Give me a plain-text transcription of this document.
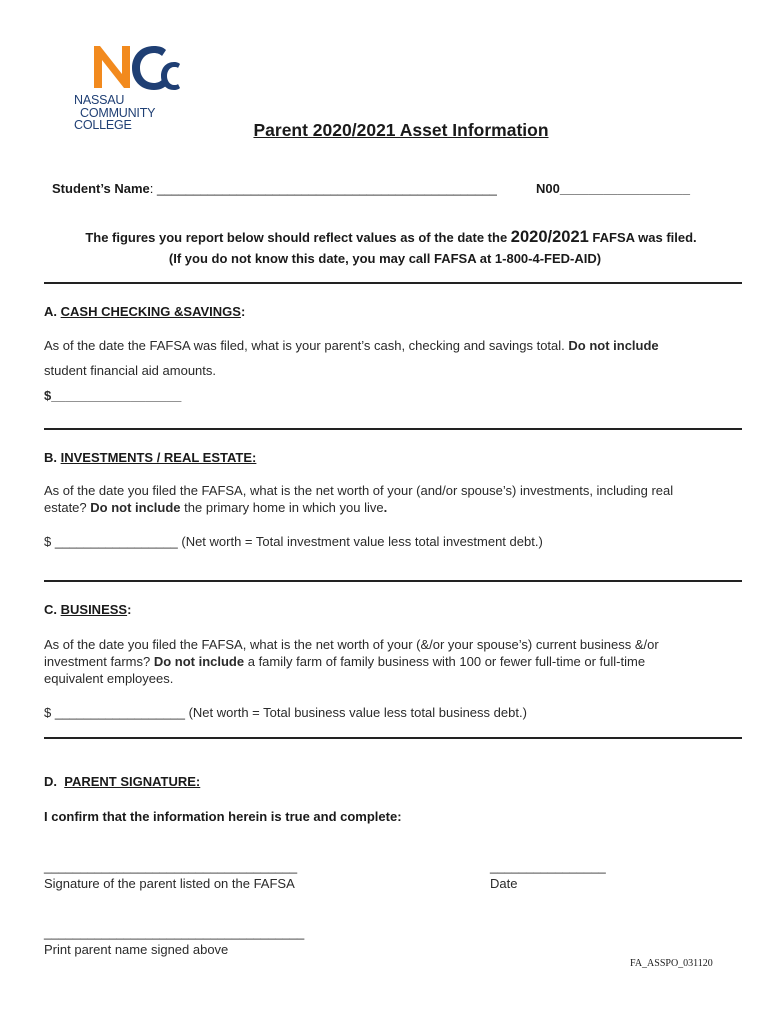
NASSAU
COMMUNITY
COLLEGE	Parent 2020/2021 Asset Information
Student’s Name: _______________________________________________	N00__________________
The figures you report below should reflect values as of the date the 2020/2021 FAFSA was filed.
(If you do not know this date, you may call FAFSA at 1-800-4-FED-AID)
A. CASH CHECKING &SAVINGS:
As of the date the FAFSA was filed, what is your parent’s cash, checking and savings total. Do not include
student financial aid amounts.
$__________________
B. INVESTMENTS / REAL ESTATE:
As of the date you filed the FAFSA, what is the net worth of your (and/or spouse’s) investments, including real
estate? Do not include the primary home in which you live.
$ _________________ (Net worth = Total investment value less total investment debt.)
C. BUSINESS:
As of the date you filed the FAFSA, what is the net worth of your (&/or your spouse’s) current business &/or
investment farms? Do not include a family farm of family business with 100 or fewer full-time or full-time
equivalent employees.
$ __________________ (Net worth = Total business value less total business debt.)
D. PARENT SIGNATURE:
I confirm that the information herein is true and complete:
___________________________________
Signature of the parent listed on the FAFSA
________________
Date
____________________________________
Print parent name signed above
FA_ASSPO_031120
